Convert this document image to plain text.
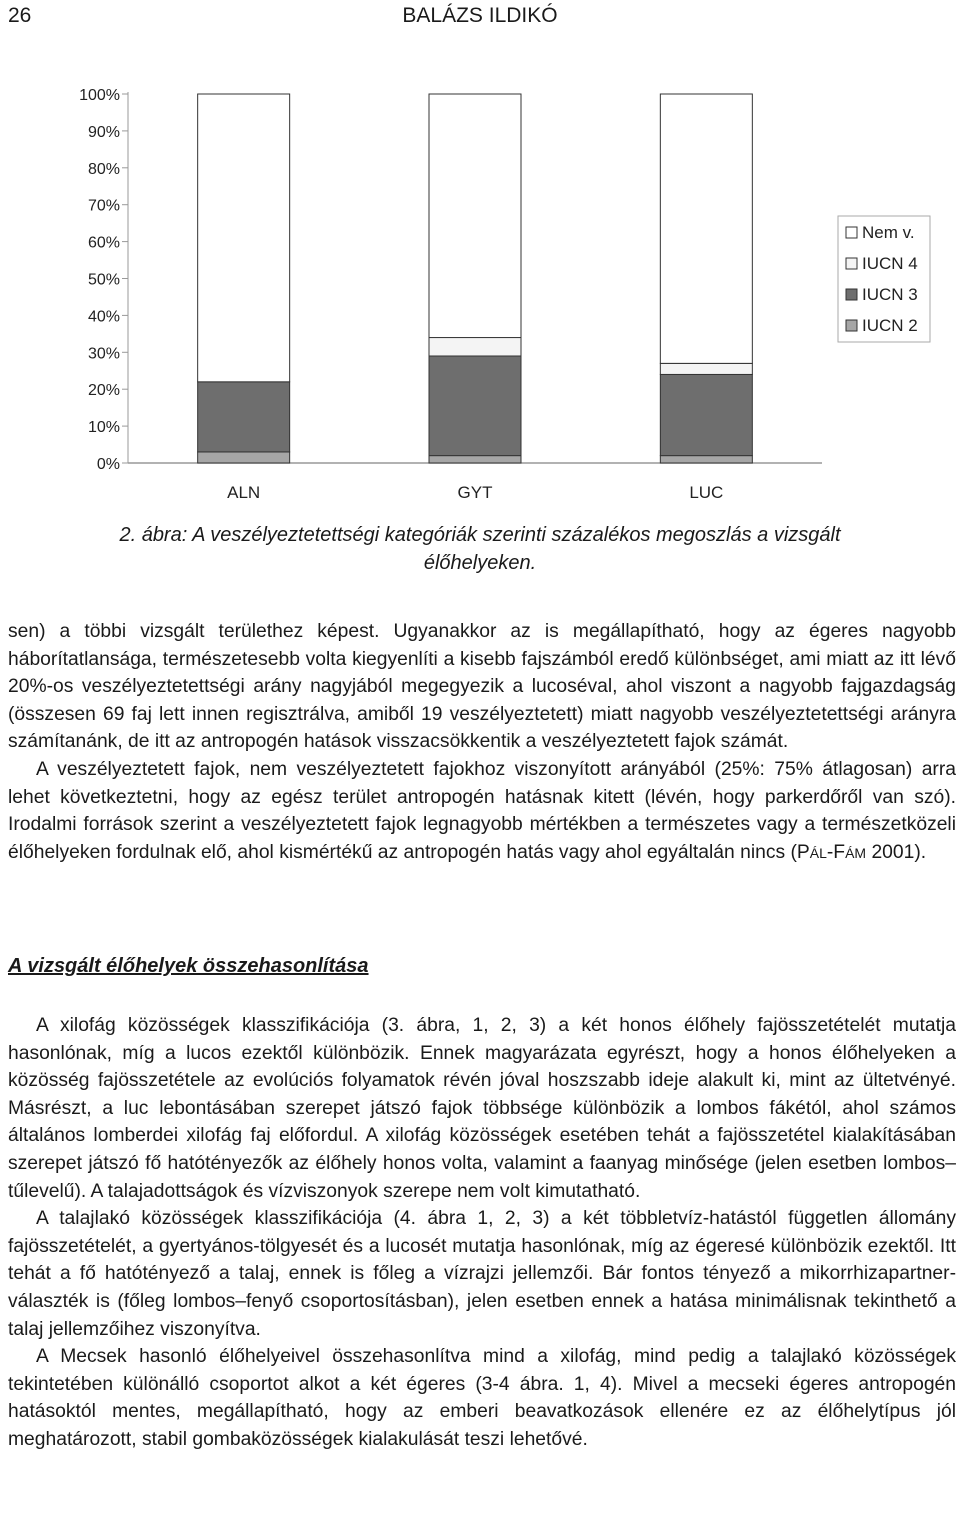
26	BALÁZS ILDIKÓ
0%
10%
20%
30%
40%
50%
60%
70%
80%
90%
100%
ALN	GYT	LUC
Nem v.
IUCN 4
IUCN 3
IUCN 2
2. ábra: A veszélyeztetettségi kategóriák szerinti százalékos megoszlás a vizsgált
élőhelyeken.

sen) a többi vizsgált területhez képest. Ugyanakkor az is megállapítható, hogy az égeres nagyobb háborítatlansága, természetesebb volta kiegyenlíti a kisebb fajszámból eredő különbséget, ami miatt az itt lévő 20%-os veszélyeztetettségi arány nagyjából megegyezik a lucoséval, ahol viszont a nagyobb fajgazdagság (összesen 69 faj lett innen regisztrálva, amiből 19 veszélyeztetett) miatt nagyobb veszélyeztetettségi arányra számítanánk, de itt az antropogén hatások visszacsökkentik a veszélyeztetett fajok számát.

A veszélyeztetett fajok, nem veszélyeztetett fajokhoz viszonyított arányából (25%: 75% átlagosan) arra lehet következtetni, hogy az egész terület antropogén hatásnak kitett (lévén, hogy parkerdőről van szó). Irodalmi források szerint a veszélyeztetett fajok legnagyobb mértékben a természetes vagy a természetközeli élőhelyeken fordulnak elő, ahol kismértékű az antropogén hatás vagy ahol egyáltalán nincs (PÁL-FÁM 2001).

A vizsgált élőhelyek összehasonlítása

A xilofág közösségek klasszifikációja (3. ábra, 1, 2, 3) a két honos élőhely fajösszetételét mutatja hasonlónak, míg a lucos ezektől különbözik. Ennek magyarázata egyrészt, hogy a honos élőhelyeken a közösség fajösszetétele az evolúciós folyamatok révén jóval hoszszabb ideje alakult ki, mint az ültetvényé. Másrészt, a luc lebontásában szerepet játszó fajok többsége különbözik a lombos fákétól, ahol számos általános lomberdei xilofág faj előfordul. A xilofág közösségek esetében tehát a fajösszetétel kialakításában szerepet játszó fő hatótényezők az élőhely honos volta, valamint a faanyag minősége (jelen esetben lombos–tűlevelű). A talajadottságok és vízviszonyok szerepe nem volt kimutatható.

A talajlakó közösségek klasszifikációja (4. ábra 1, 2, 3) a két többletvíz-hatástól független állomány fajösszetételét, a gyertyános-tölgyesét és a lucosét mutatja hasonlónak, míg az égeresé különbözik ezektől. Itt tehát a fő hatótényező a talaj, ennek is főleg a vízrajzi jellemzői. Bár fontos tényező a mikorrhizapartner-választék is (főleg lombos–fenyő csoportosításban), jelen esetben ennek a hatása minimálisnak tekinthető a talaj jellemzőihez viszonyítva.

A Mecsek hasonló élőhelyeivel összehasonlítva mind a xilofág, mind pedig a talajlakó közösségek tekintetében különálló csoportot alkot a két égeres (3-4 ábra. 1, 4). Mivel a mecseki égeres antropogén hatásoktól mentes, megállapítható, hogy az emberi beavatkozások ellenére ez az élőhelytípus jól meghatározott, stabil gombaközösségek kialakulását teszi lehetővé.
